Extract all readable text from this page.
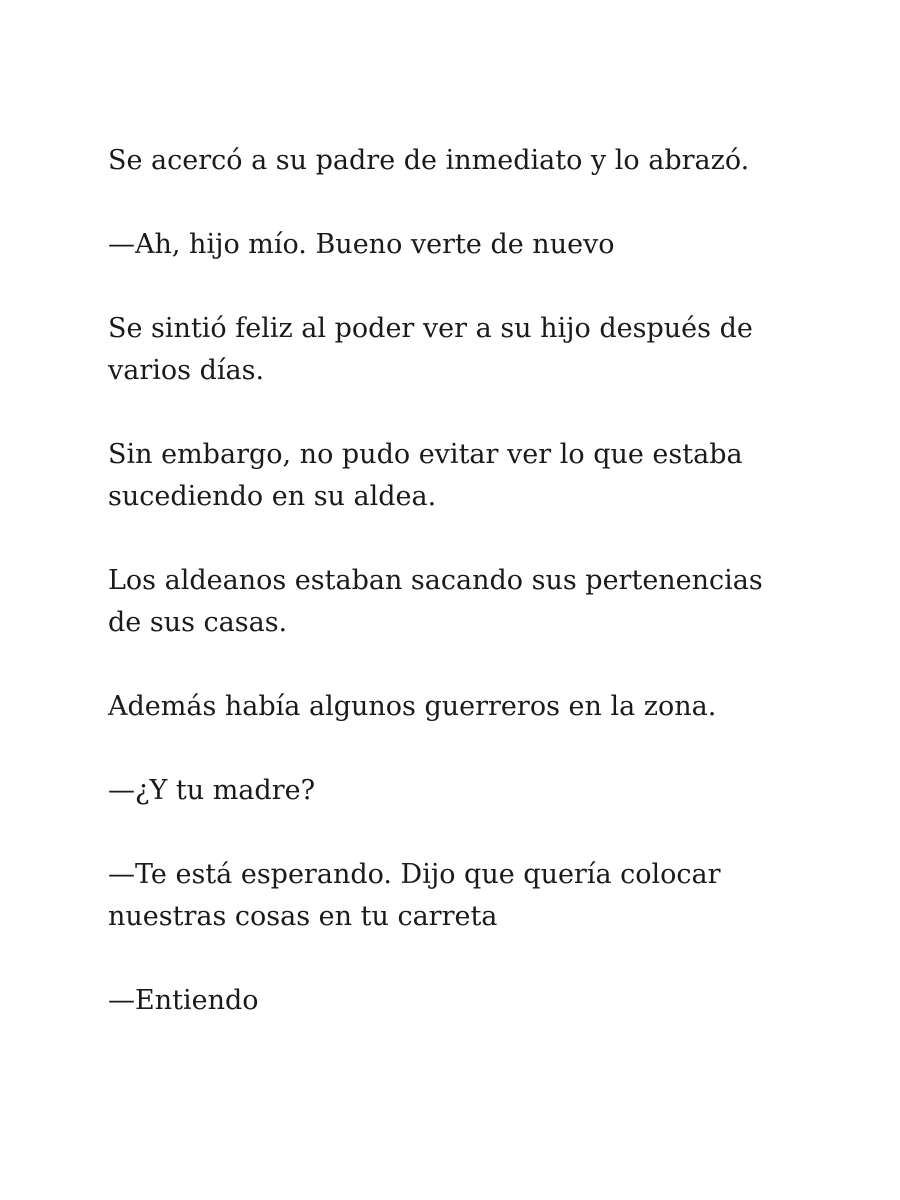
Se acercó a su padre de inmediato y lo abrazó.

—Ah, hijo mío. Bueno verte de nuevo

Se sintió feliz al poder ver a su hijo después de varios días.

Sin embargo, no pudo evitar ver lo que estaba sucediendo en su aldea.

Los aldeanos estaban sacando sus pertenencias de sus casas.

Además había algunos guerreros en la zona.

—¿Y tu madre?

—Te está esperando. Dijo que quería colocar nuestras cosas en tu carreta

—Entiendo
